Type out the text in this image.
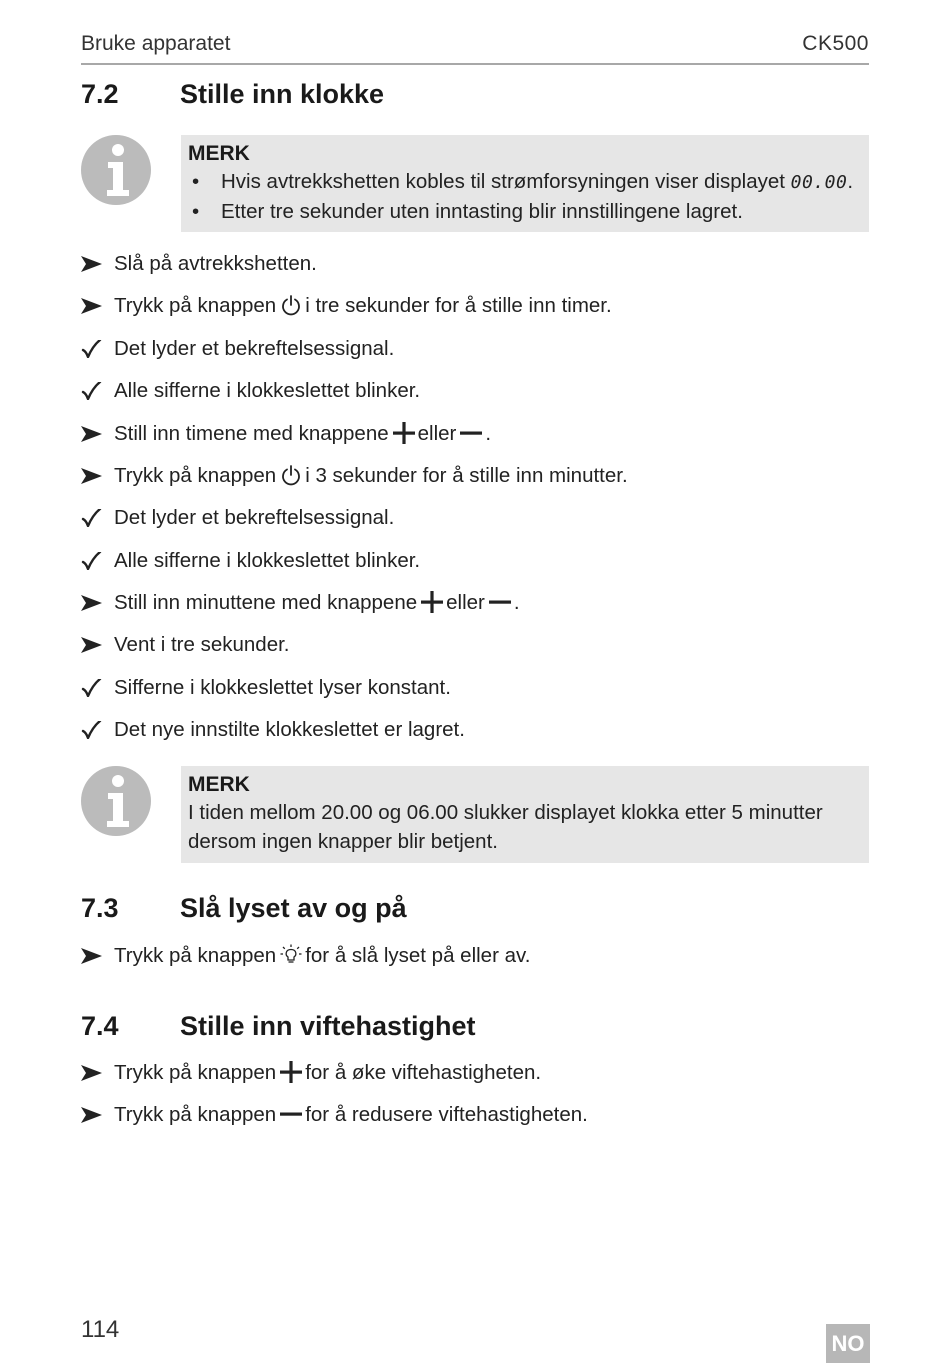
Bruke apparatet	CK500
7.2 Stille inn klokke
MERK
• Hvis avtrekkshetten kobles til strømforsyningen viser displayet 00.00.
• Etter tre sekunder uten inntasting blir innstillingene lagret.
Slå på avtrekkshetten.
Trykk på knappen i tre sekunder for å stille inn timer.
Det lyder et bekreftelsessignal.
Alle sifferne i klokkeslettet blinker.
Still inn timene med knappene eller .
Trykk på knappen i 3 sekunder for å stille inn minutter.
Det lyder et bekreftelsessignal.
Alle sifferne i klokkeslettet blinker.
Still inn minuttene med knappene eller .
Vent i tre sekunder.
Sifferne i klokkeslettet lyser konstant.
Det nye innstilte klokkeslettet er lagret.
MERK
I tiden mellom 20.00 og 06.00 slukker displayet klokka etter 5 minutter
dersom ingen knapper blir betjent.
7.3 Slå lyset av og på
Trykk på knappen for å slå lyset på eller av.
7.4 Stille inn viftehastighet
Trykk på knappen for å øke viftehastigheten.
Trykk på knappen for å redusere viftehastigheten.
114
NO
